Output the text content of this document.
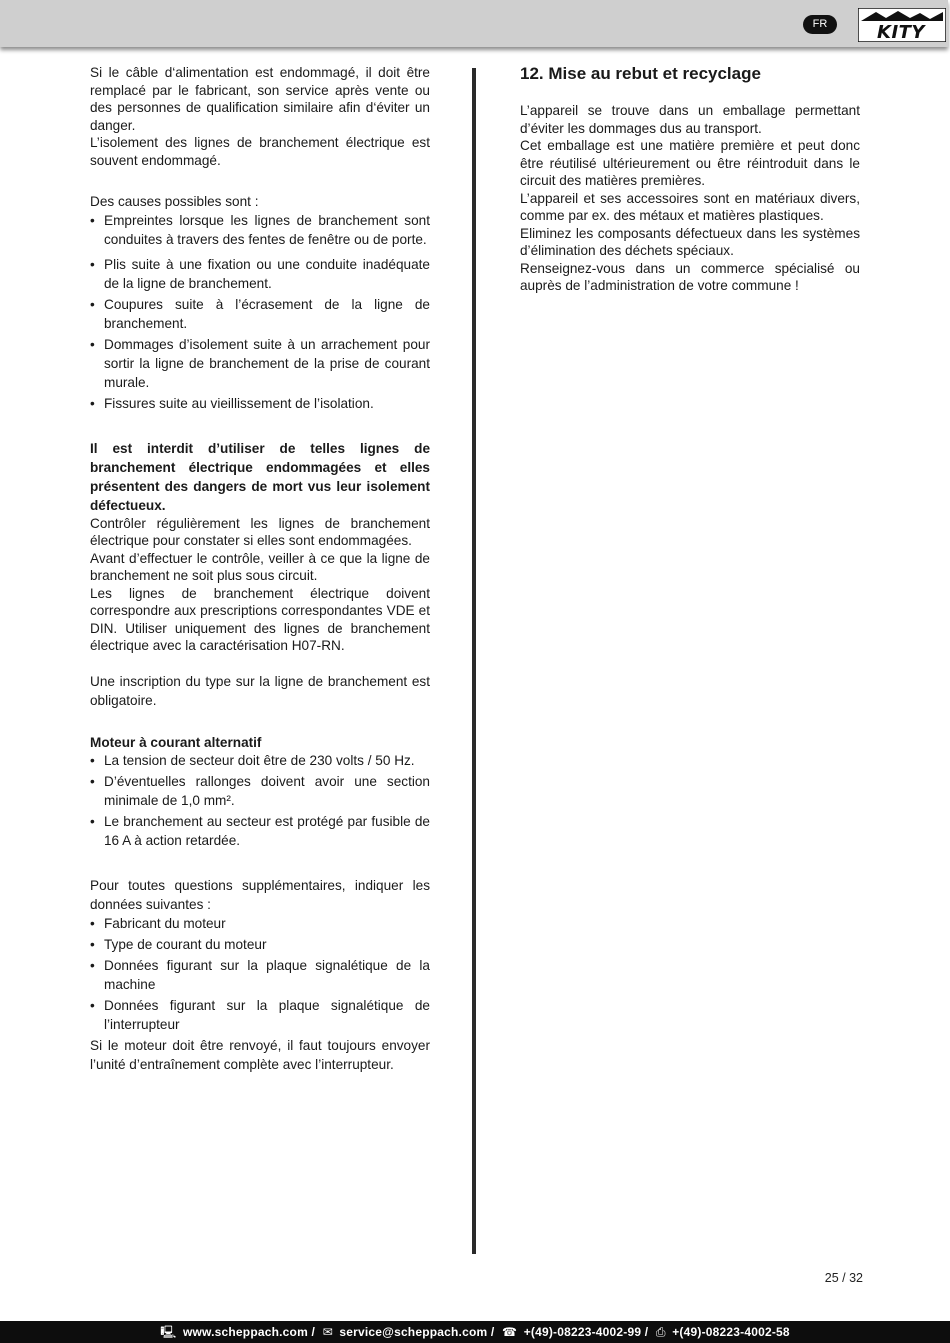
FR	KITY

Si le câble d‘alimentation est endommagé, il doit être remplacé par le fabricant, son service après vente ou des personnes de qualification similaire afin d‘éviter un danger.

L’isolement des lignes de branchement électrique est souvent endommagé.

Des causes possibles sont :

• Empreintes lorsque les lignes de branchement sont conduites à travers des fentes de fenêtre ou de porte.
• Plis suite à une fixation ou une conduite inadéquate de la ligne de branchement.
• Coupures suite à l’écrasement de la ligne de branchement.
• Dommages d’isolement suite à un arrachement pour sortir la ligne de branchement de la prise de courant murale.
• Fissures suite au vieillissement de l’isolation.

Il est interdit d’utiliser de telles lignes de branchement électrique endommagées et elles présentent des dangers de mort vus leur isolement défectueux.

Contrôler régulièrement les lignes de branchement électrique pour constater si elles sont endommagées.

Avant d’effectuer le contrôle, veiller à ce que la ligne de branchement ne soit plus sous circuit.

Les lignes de branchement électrique doivent correspondre aux prescriptions correspondantes VDE et DIN. Utiliser uniquement des lignes de branchement électrique avec la caractérisation H07-RN.

Une inscription du type sur la ligne de branchement est obligatoire.

Moteur à courant alternatif

• La tension de secteur doit être de 230 volts / 50 Hz.
• D’éventuelles rallonges doivent avoir une section minimale de 1,0 mm².
• Le branchement au secteur est protégé par fusible de 16 A à action retardée.

Pour toutes questions supplémentaires, indiquer les données suivantes :

• Fabricant du moteur
• Type de courant du moteur
• Données figurant sur la plaque signalétique de la machine
• Données figurant sur la plaque signalétique de l’interrupteur

Si le moteur doit être renvoyé, il faut toujours envoyer l’unité d’entraînement complète avec l’interrupteur.

12. Mise au rebut et recyclage

L’appareil se trouve dans un emballage permettant d’éviter les dommages dus au transport.

Cet emballage est une matière première et peut donc être réutilisé ultérieurement ou être réintroduit dans le circuit des matières premières.

L’appareil et ses accessoires sont en matériaux divers, comme par ex. des métaux et matières plastiques.

Eliminez les composants défectueux dans les systèmes d’élimination des déchets spéciaux.

Renseignez-vous dans un commerce spécialisé ou auprès de l’administration de votre commune !

25 / 32
🖳 www.scheppach.com / ✉ service@scheppach.com / ☎ +(49)-08223-4002-99 / ⎙ +(49)-08223-4002-58
